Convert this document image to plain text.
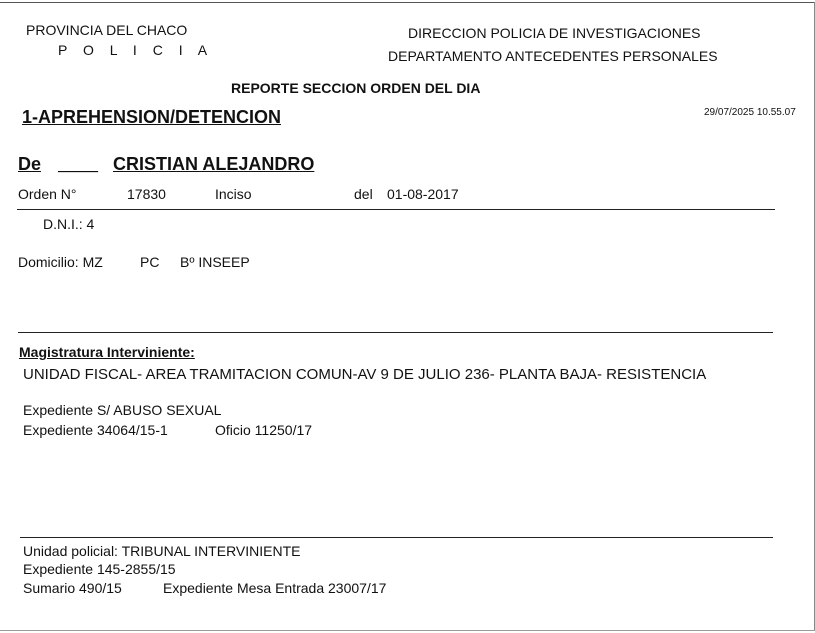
PROVINCIA DEL CHACO
P O L I C I A
DIRECCION POLICIA DE INVESTIGACIONES
DEPARTAMENTO ANTECEDENTES PERSONALES
REPORTE SECCION ORDEN DEL DIA
1-APREHENSION/DETENCION	29/07/2025 10.55.07
De ____ CRISTIAN ALEJANDRO
Orden N°	17830	Inciso	del 01-08-2017
D.N.I.: 4
Domicilio: MZ	PC Bº INSEEP
Magistratura Interviniente:
UNIDAD FISCAL- AREA TRAMITACION COMUN-AV 9 DE JULIO 236- PLANTA BAJA- RESISTENCIA
Expediente S/ ABUSO SEXUAL
Expediente 34064/15-1	Oficio 11250/17
Unidad policial: TRIBUNAL INTERVINIENTE
Expediente 145-2855/15
Sumario 490/15	Expediente Mesa Entrada 23007/17
